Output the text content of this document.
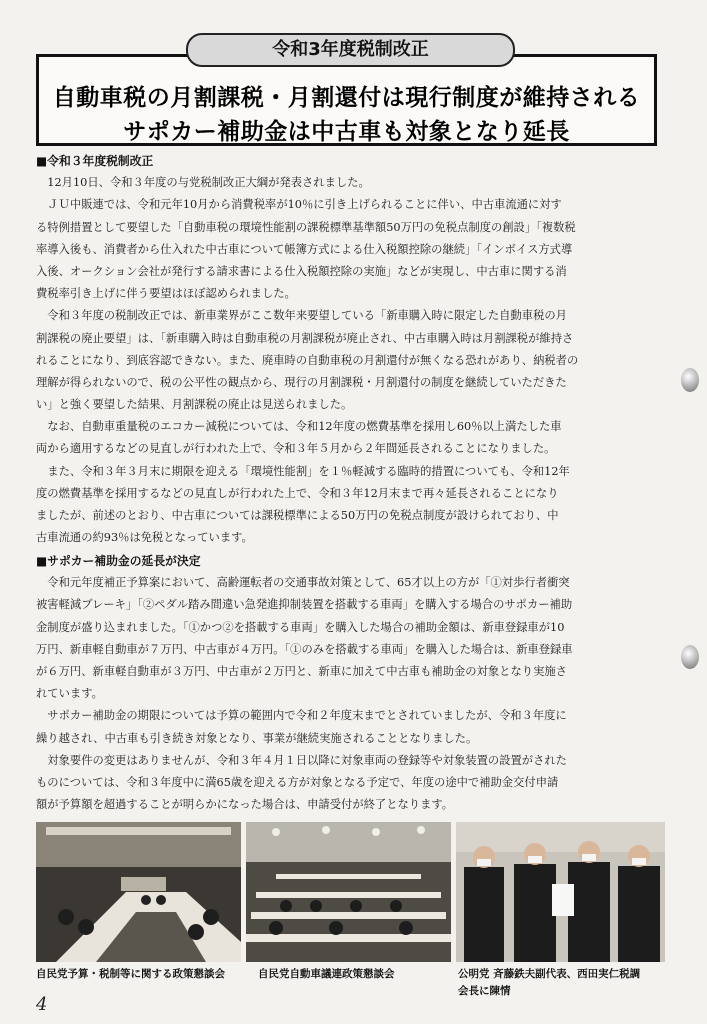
令和3年度税制改正
自動車税の月割課税・月割還付は現行制度が維持される
サポカー補助金は中古車も対象となり延長
■令和３年度税制改正
　12月10日、令和３年度の与党税制改正大綱が発表されました。
　ＪＵ中販連では、令和元年10月から消費税率が10％に引き上げられることに伴い、中古車流通に対す
る特例措置として要望した「自動車税の環境性能割の課税標準基準額50万円の免税点制度の創設」「複数税
率導入後も、消費者から仕入れた中古車について帳簿方式による仕入税額控除の継続」「インボイス方式導
入後、オークション会社が発行する請求書による仕入税額控除の実施」などが実現し、中古車に関する消
費税率引き上げに伴う要望はほぼ認められました。
　令和３年度の税制改正では、新車業界がここ数年来要望している「新車購入時に限定した自動車税の月
割課税の廃止要望」は、「新車購入時は自動車税の月割課税が廃止され、中古車購入時は月割課税が維持さ
れることになり、到底容認できない。また、廃車時の自動車税の月割還付が無くなる恐れがあり、納税者の
理解が得られないので、税の公平性の観点から、現行の月割課税・月割還付の制度を継続していただきた
い」と強く要望した結果、月割課税の廃止は見送られました。
　なお、自動車重量税のエコカー減税については、令和12年度の燃費基準を採用し60％以上満たした車
両から適用するなどの見直しが行われた上で、令和３年５月から２年間延長されることになりました。
　また、令和３年３月末に期限を迎える「環境性能割」を１％軽減する臨時的措置についても、令和12年
度の燃費基準を採用するなどの見直しが行われた上で、令和３年12月末まで再々延長されることになり
ましたが、前述のとおり、中古車については課税標準による50万円の免税点制度が設けられており、中
古車流通の約93％は免税となっています。
■サポカー補助金の延長が決定
　令和元年度補正予算案において、高齢運転者の交通事故対策として、65才以上の方が「①対歩行者衝突
被害軽減ブレーキ」「②ペダル踏み間違い急発進抑制装置を搭載する車両」を購入する場合のサポカー補助
金制度が盛り込まれました。「①かつ②を搭載する車両」を購入した場合の補助金額は、新車登録車が10
万円、新車軽自動車が７万円、中古車が４万円。「①のみを搭載する車両」を購入した場合は、新車登録車
が６万円、新車軽自動車が３万円、中古車が２万円と、新車に加えて中古車も補助金の対象となり実施さ
れています。
　サポカー補助金の期限については予算の範囲内で令和２年度末までとされていましたが、令和３年度に
繰り越され、中古車も引き続き対象となり、事業が継続実施されることとなりました。
　対象要件の変更はありませんが、令和３年４月１日以降に対象車両の登録等や対象装置の設置がされた
ものについては、令和３年度中に満65歳を迎える方が対象となる予定で、年度の途中で補助金交付申請
額が予算額を超過することが明らかになった場合は、申請受付が終了となります。
自民党予算・税制等に関する政策懇談会	自民党自動車議連政策懇談会	公明党 斉藤鉄夫副代表、西田実仁税調
会長に陳情
4
